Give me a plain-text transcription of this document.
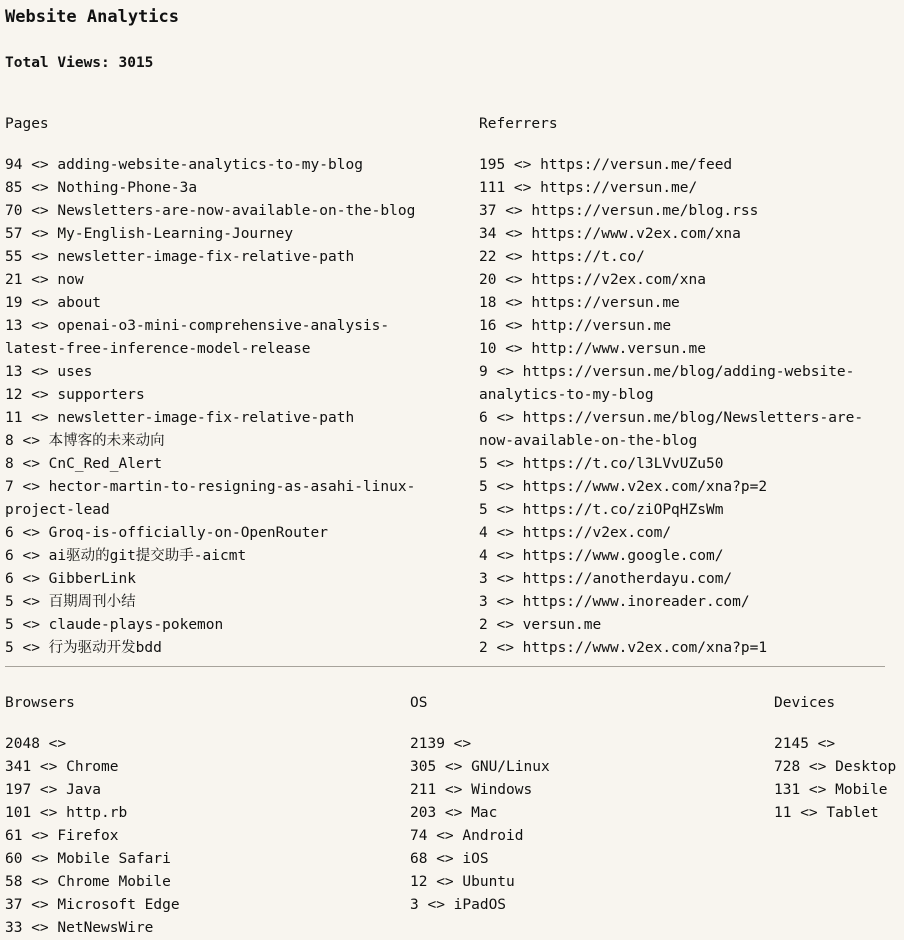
Website Analytics

Total Views: 3015

Pages
94 <> adding-website-analytics-to-my-blog
85 <> Nothing-Phone-3a
70 <> Newsletters-are-now-available-on-the-blog
57 <> My-English-Learning-Journey
55 <> newsletter-image-fix-relative-path
21 <> now
19 <> about
13 <> openai-o3-mini-comprehensive-analysis-latest-free-inference-model-release
13 <> uses
12 <> supporters
11 <> newsletter-image-fix-relative-path
8 <> 本博客的未来动向
8 <> CnC_Red_Alert
7 <> hector-martin-to-resigning-as-asahi-linux-project-lead
6 <> Groq-is-officially-on-OpenRouter
6 <> ai驱动的git提交助手-aicmt
6 <> GibberLink
5 <> 百期周刊小结
5 <> claude-plays-pokemon
5 <> 行为驱动开发bdd
Referrers
195 <> https://versun.me/feed
111 <> https://versun.me/
37 <> https://versun.me/blog.rss
34 <> https://www.v2ex.com/xna
22 <> https://t.co/
20 <> https://v2ex.com/xna
18 <> https://versun.me
16 <> http://versun.me
10 <> http://www.versun.me
9 <> https://versun.me/blog/adding-website-analytics-to-my-blog
6 <> https://versun.me/blog/Newsletters-are-now-available-on-the-blog
5 <> https://t.co/l3LVvUZu50
5 <> https://www.v2ex.com/xna?p=2
5 <> https://t.co/ziOPqHZsWm
4 <> https://v2ex.com/
4 <> https://www.google.com/
3 <> https://anotherdayu.com/
3 <> https://www.inoreader.com/
2 <> versun.me
2 <> https://www.v2ex.com/xna?p=1
Browsers
2048 <>
341 <> Chrome
197 <> Java
101 <> http.rb
61 <> Firefox
60 <> Mobile Safari
58 <> Chrome Mobile
37 <> Microsoft Edge
33 <> NetNewsWire
OS
2139 <>
305 <> GNU/Linux
211 <> Windows
203 <> Mac
74 <> Android
68 <> iOS
12 <> Ubuntu
3 <> iPadOS
Devices
2145 <>
728 <> Desktop
131 <> Mobile
11 <> Tablet
